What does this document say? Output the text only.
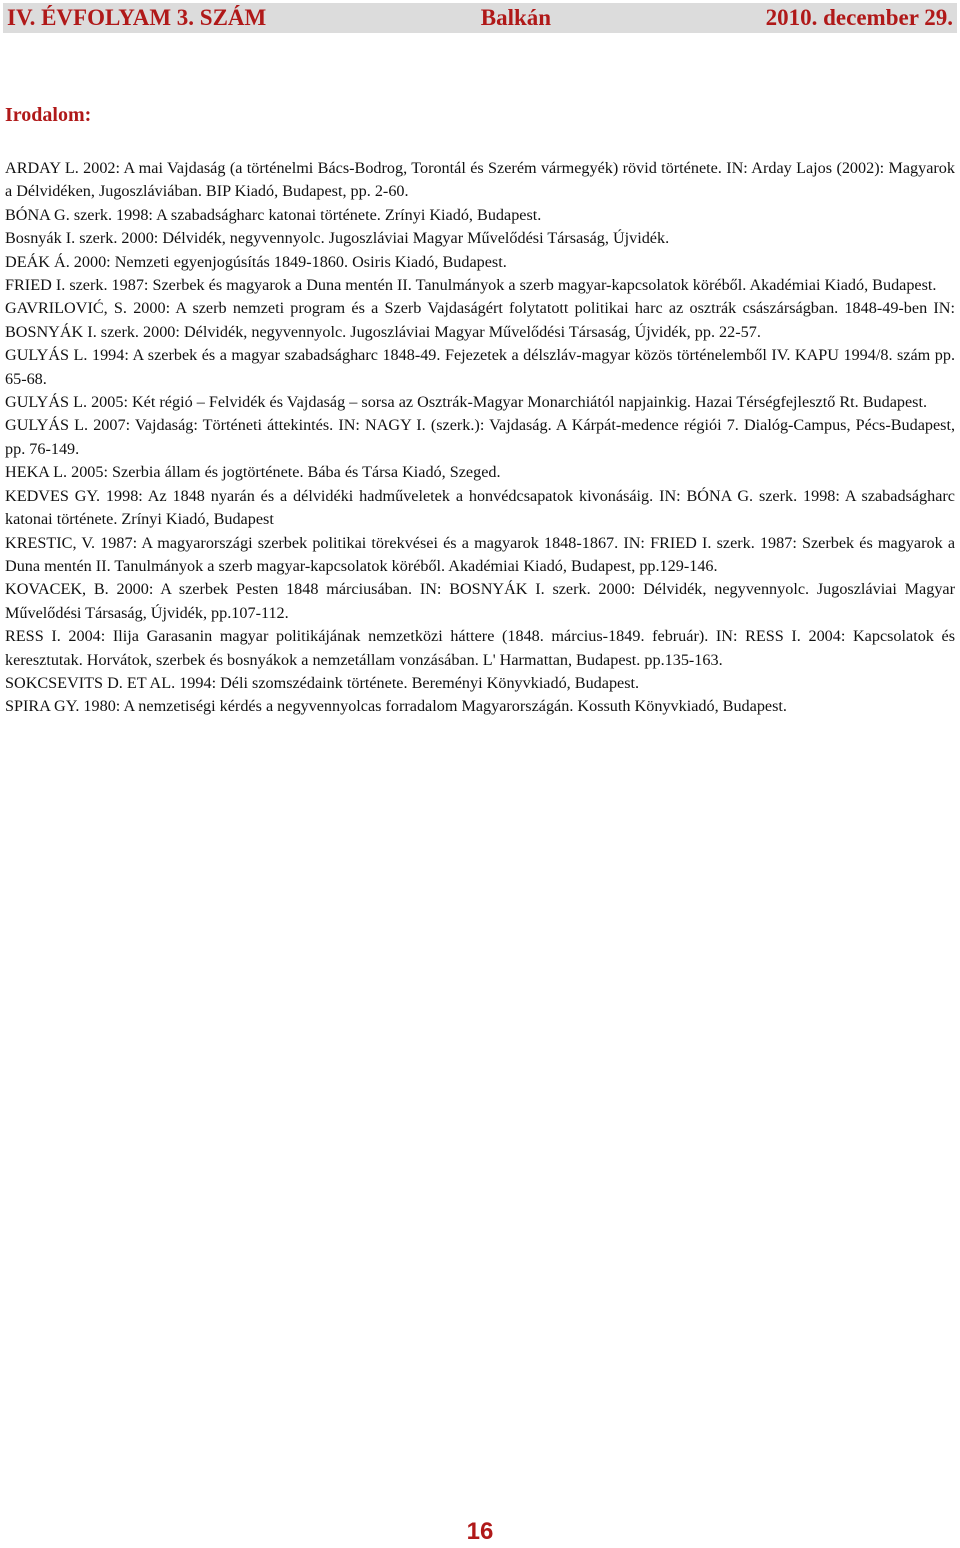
IV. ÉVFOLYAM 3. SZÁM	Balkán	2010. december 29.
Irodalom:

ARDAY L. 2002: A mai Vajdaság (a történelmi Bács-Bodrog, Torontál és Szerém vármegyék) rövid története. IN: Arday Lajos (2002): Magyarok a Délvidéken, Jugoszláviában. BIP Kiadó, Budapest, pp. 2-60.

BÓNA G. szerk. 1998: A szabadságharc katonai története. Zrínyi Kiadó, Budapest.

Bosnyák I. szerk. 2000: Délvidék, negyvennyolc. Jugoszláviai Magyar Művelődési Társaság, Újvidék.

DEÁK Á. 2000: Nemzeti egyenjogúsítás 1849-1860. Osiris Kiadó, Budapest.

FRIED I. szerk. 1987: Szerbek és magyarok a Duna mentén II. Tanulmányok a szerb magyar-kapcsolatok köréből. Akadémiai Kiadó, Budapest.

GAVRILOVIĆ, S. 2000: A szerb nemzeti program és a Szerb Vajdaságért folytatott politikai harc az osztrák császárságban. 1848-49-ben IN: BOSNYÁK I. szerk. 2000: Délvidék, negyvennyolc. Jugoszláviai Magyar Művelődési Társaság, Újvidék, pp. 22-57.

GULYÁS L. 1994: A szerbek és a magyar szabadságharc 1848-49. Fejezetek a délszláv-magyar közös történelemből IV. KAPU 1994/8. szám pp. 65-68.

GULYÁS L. 2005: Két régió – Felvidék és Vajdaság – sorsa az Osztrák-Magyar Monarchiától napjainkig. Hazai Térségfejlesztő Rt. Budapest.

GULYÁS L. 2007: Vajdaság: Történeti áttekintés. IN: NAGY I. (szerk.): Vajdaság. A Kárpát-medence régiói 7. Dialóg-Campus, Pécs-Budapest, pp. 76-149.

HEKA L. 2005: Szerbia állam és jogtörténete. Bába és Társa Kiadó, Szeged.

KEDVES GY. 1998: Az 1848 nyarán és a délvidéki hadműveletek a honvédcsapatok kivonásáig. IN: BÓNA G. szerk. 1998: A szabadságharc katonai története. Zrínyi Kiadó, Budapest

KRESTIC, V. 1987: A magyarországi szerbek politikai törekvései és a magyarok 1848-1867. IN: FRIED I. szerk. 1987: Szerbek és magyarok a Duna mentén II. Tanulmányok a szerb magyar-kapcsolatok köréből. Akadémiai Kiadó, Budapest, pp.129-146.

KOVACEK, B. 2000: A szerbek Pesten 1848 márciusában. IN: BOSNYÁK I. szerk. 2000: Délvidék, negyvennyolc. Jugoszláviai Magyar Művelődési Társaság, Újvidék, pp.107-112.

RESS I. 2004: Ilija Garasanin magyar politikájának nemzetközi háttere (1848. március-1849. február). IN: RESS I. 2004: Kapcsolatok és keresztutak. Horvátok, szerbek és bosnyákok a nemzetállam vonzásában. L' Harmattan, Budapest. pp.135-163.

SOKCSEVITS D. ET AL. 1994: Déli szomszédaink története. Bereményi Könyvkiadó, Budapest.

SPIRA GY. 1980: A nemzetiségi kérdés a negyvennyolcas forradalom Magyarországán. Kossuth Könyvkiadó, Budapest.

16
